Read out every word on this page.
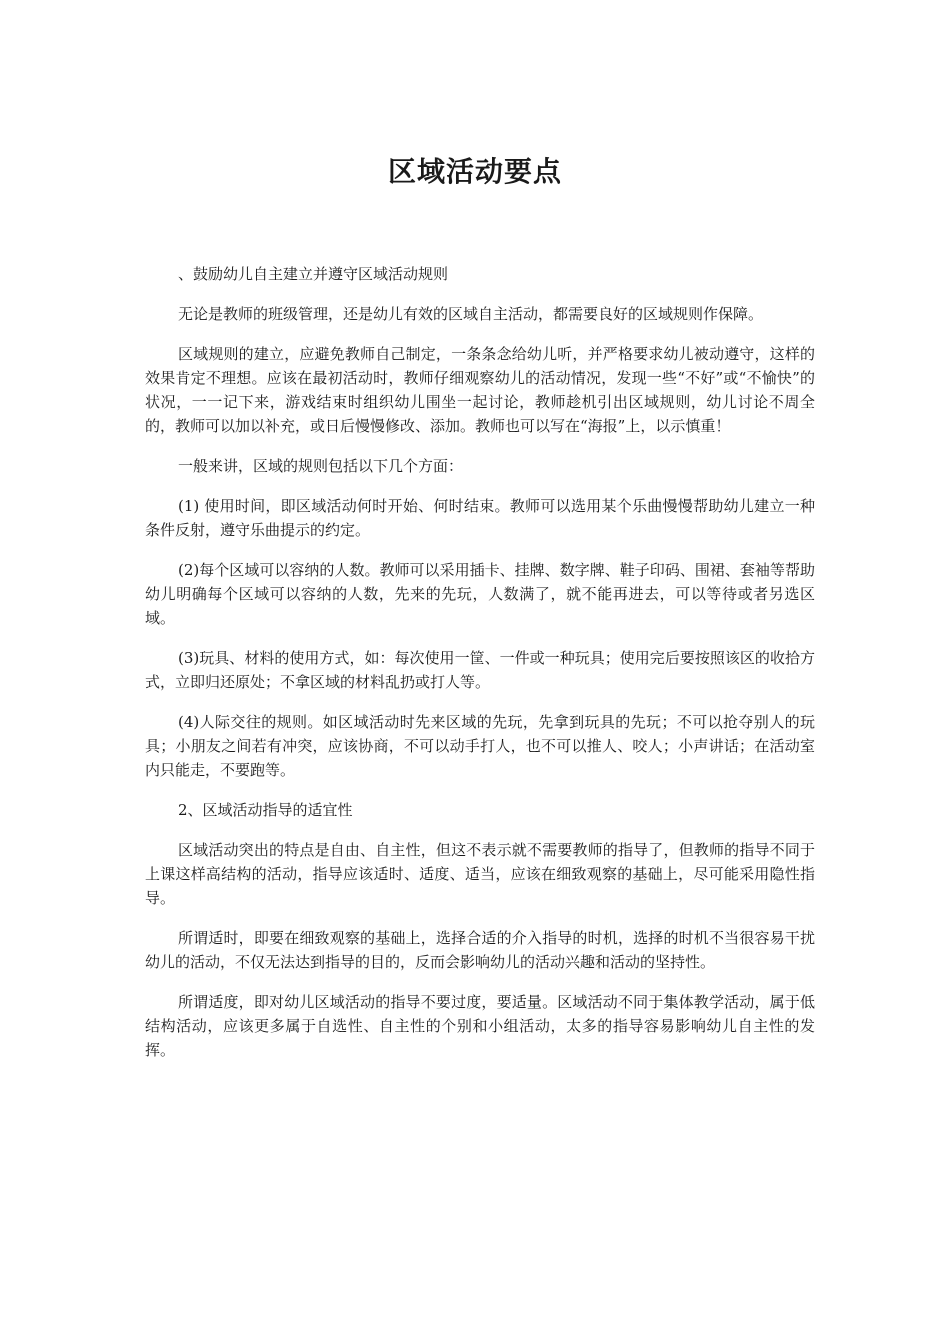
区域活动要点

、鼓励幼儿自主建立并遵守区域活动规则

无论是教师的班级管理，还是幼儿有效的区域自主活动，都需要良好的区域规则作保障。

区域规则的建立，应避免教师自己制定，一条条念给幼儿听，并严格要求幼儿被动遵守，这样的效果肯定不理想。应该在最初活动时，教师仔细观察幼儿的活动情况，发现一些“不好”或“不愉快”的状况，一一记下来，游戏结束时组织幼儿围坐一起讨论，教师趁机引出区域规则，幼儿讨论不周全的，教师可以加以补充，或日后慢慢修改、添加。教师也可以写在“海报”上，以示慎重！

一般来讲，区域的规则包括以下几个方面：

(1) 使用时间，即区域活动何时开始、何时结束。教师可以选用某个乐曲慢慢帮助幼儿建立一种条件反射，遵守乐曲提示的约定。

(2)每个区域可以容纳的人数。教师可以采用插卡、挂牌、数字牌、鞋子印码、围裙、套袖等帮助幼儿明确每个区域可以容纳的人数，先来的先玩，人数满了，就不能再进去，可以等待或者另选区域。

(3)玩具、材料的使用方式，如：每次使用一筐、一件或一种玩具；使用完后要按照该区的收拾方式，立即归还原处；不拿区域的材料乱扔或打人等。

(4)人际交往的规则。如区域活动时先来区域的先玩，先拿到玩具的先玩；不可以抢夺别人的玩具；小朋友之间若有冲突，应该协商，不可以动手打人，也不可以推人、咬人；小声讲话；在活动室内只能走，不要跑等。

2、区域活动指导的适宜性

区域活动突出的特点是自由、自主性，但这不表示就不需要教师的指导了，但教师的指导不同于上课这样高结构的活动，指导应该适时、适度、适当，应该在细致观察的基础上，尽可能采用隐性指导。

所谓适时，即要在细致观察的基础上，选择合适的介入指导的时机，选择的时机不当很容易干扰幼儿的活动，不仅无法达到指导的目的，反而会影响幼儿的活动兴趣和活动的坚持性。

所谓适度，即对幼儿区域活动的指导不要过度，要适量。区域活动不同于集体教学活动，属于低结构活动，应该更多属于自选性、自主性的个别和小组活动，太多的指导容易影响幼儿自主性的发挥。
